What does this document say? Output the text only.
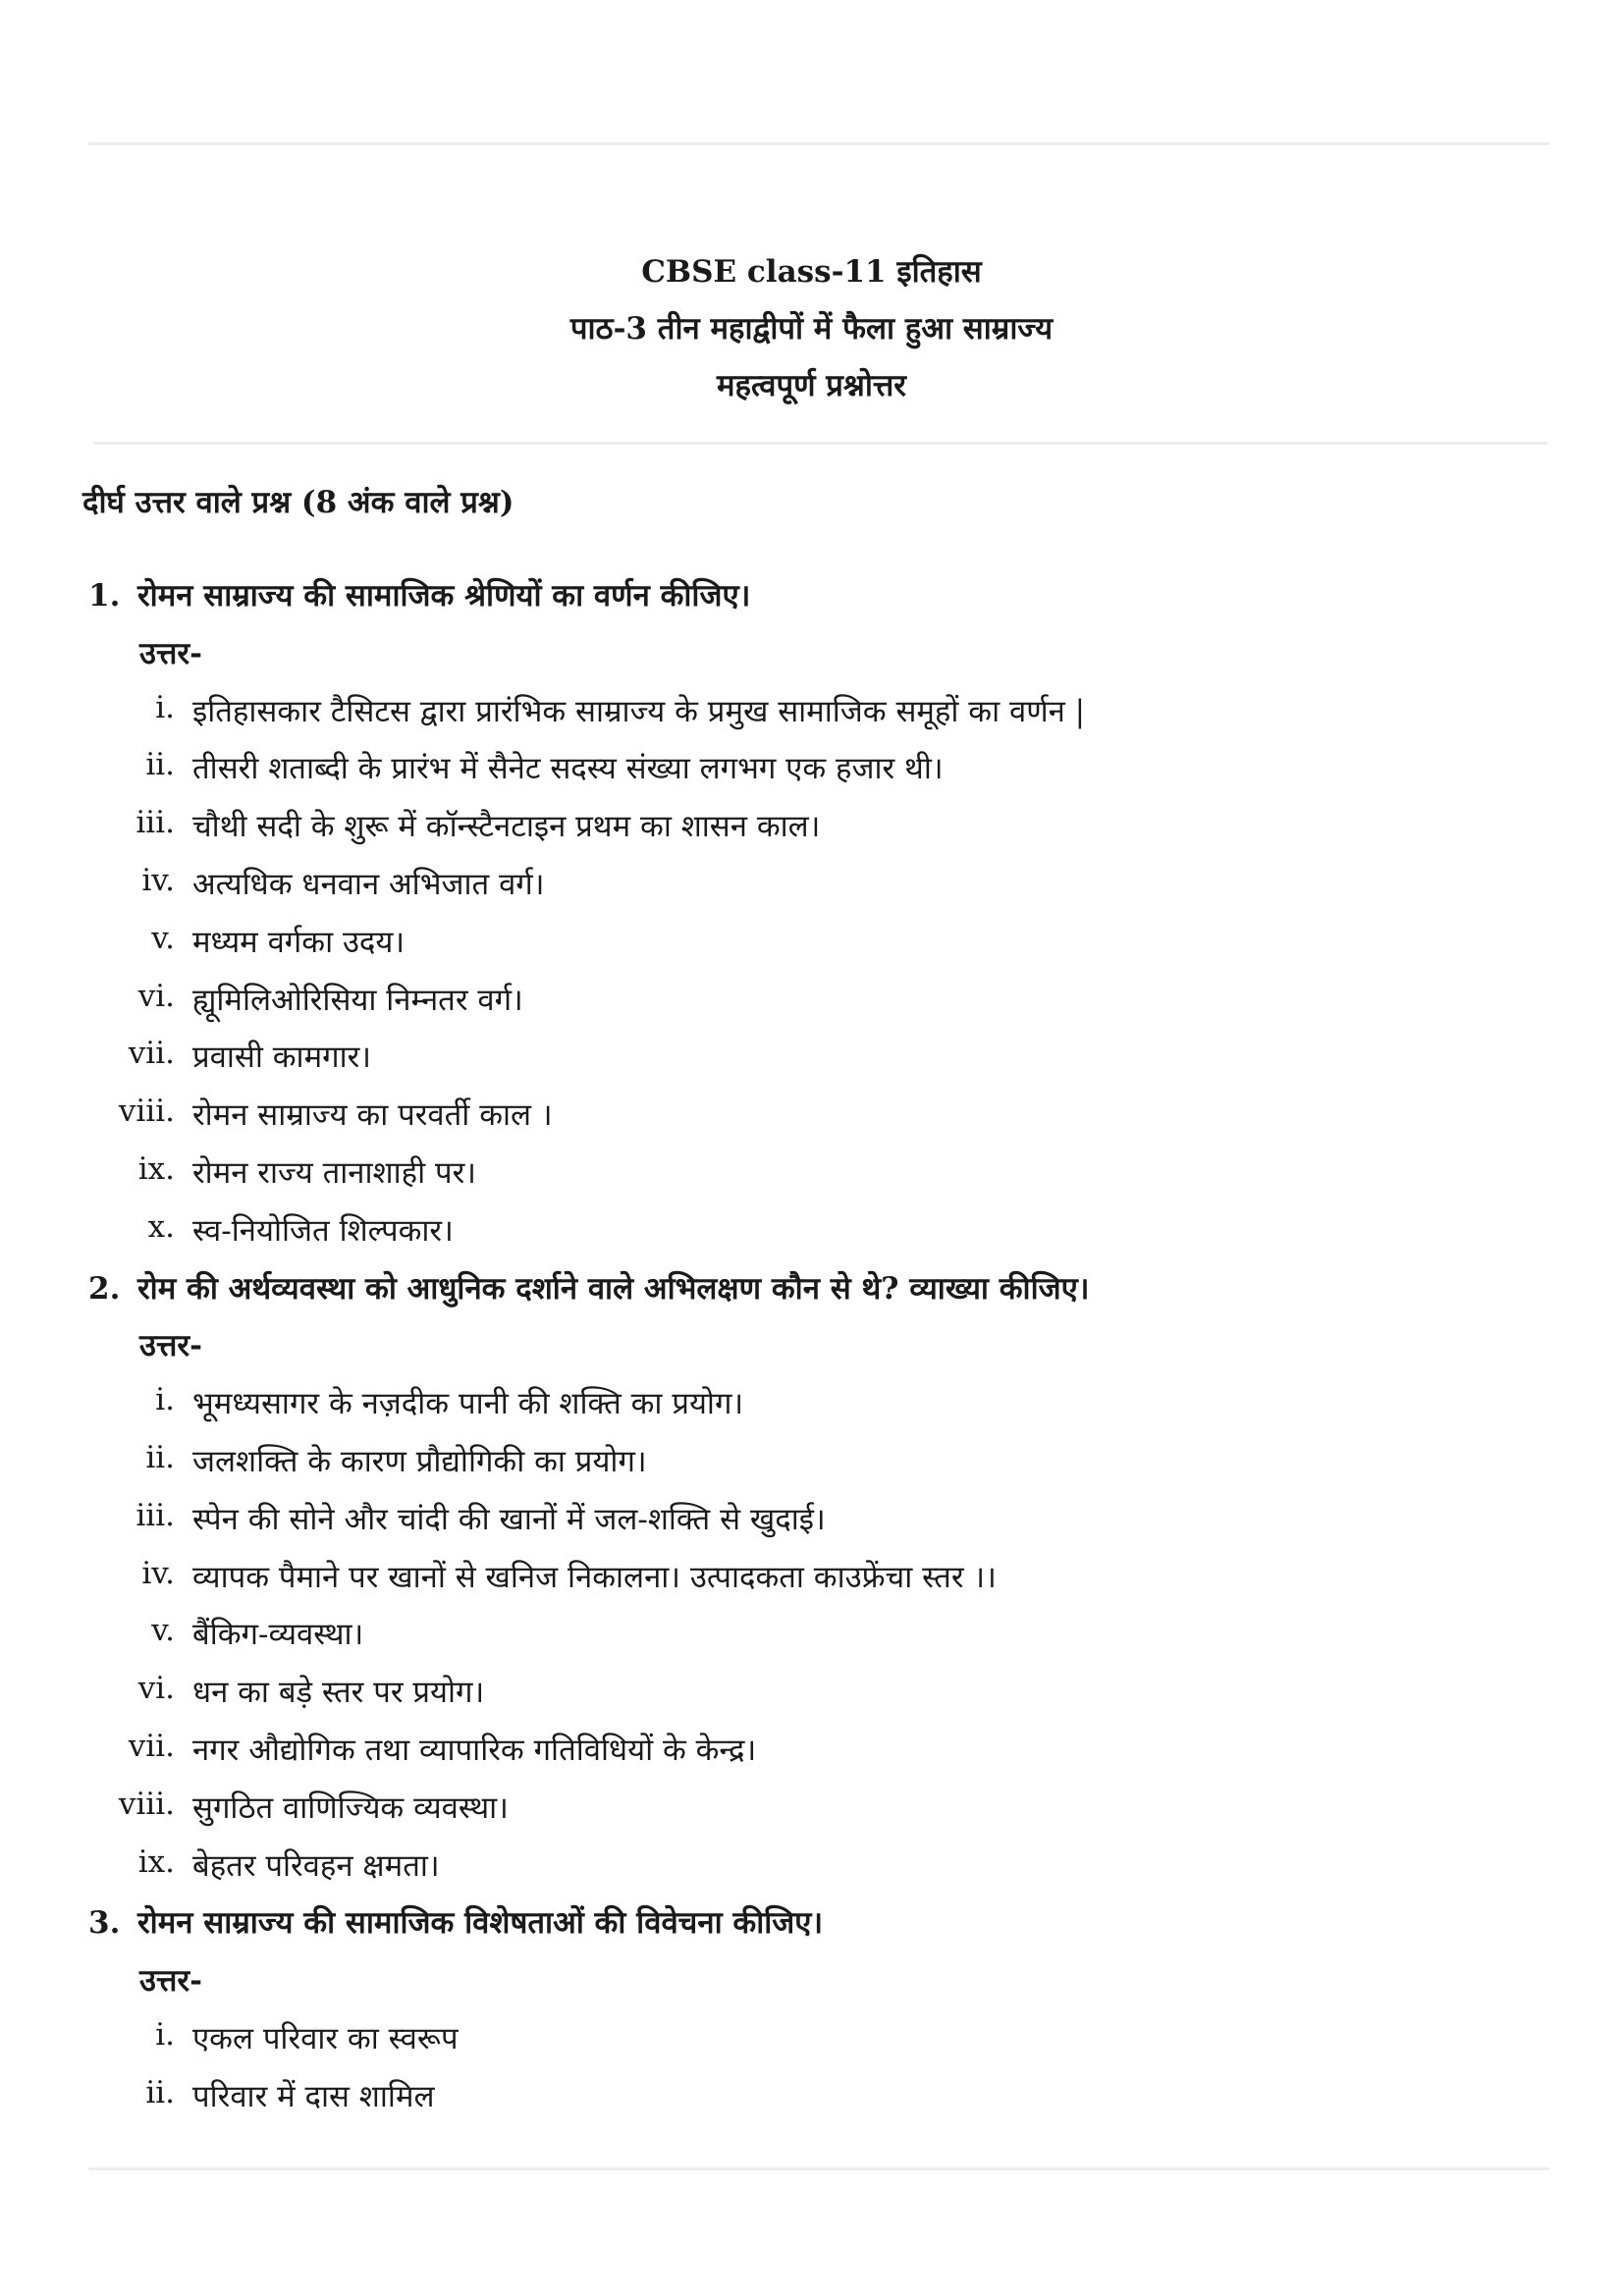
CBSE class-11 इतिहास
पाठ-3 तीन महाद्वीपों में फैला हुआ साम्राज्य
महत्वपूर्ण प्रश्नोत्तर
दीर्घ उत्तर वाले प्रश्न (8 अंक वाले प्रश्न)
1. रोमन साम्राज्य की सामाजिक श्रेणियों का वर्णन कीजिए।
उत्तर-
i. इतिहासकार टैसिटस द्वारा प्रारंभिक साम्राज्य के प्रमुख सामाजिक समूहों का वर्णन |
ii. तीसरी शताब्दी के प्रारंभ में सैनेट सदस्य संख्या लगभग एक हजार थी।
iii. चौथी सदी के शुरू में कॉन्स्टैनटाइन प्रथम का शासन काल।
iv. अत्यधिक धनवान अभिजात वर्ग।
v. मध्यम वर्गका उदय।
vi. ह्यूमिलिओरिसिया निम्नतर वर्ग।
vii. प्रवासी कामगार।
viii. रोमन साम्राज्य का परवर्ती काल ।
ix. रोमन राज्य तानाशाही पर।
x. स्व-नियोजित शिल्पकार।
2. रोम की अर्थव्यवस्था को आधुनिक दर्शाने वाले अभिलक्षण कौन से थे? व्याख्या कीजिए।
उत्तर-
i. भूमध्यसागर के नज़दीक पानी की शक्ति का प्रयोग।
ii. जलशक्ति के कारण प्रौद्योगिकी का प्रयोग।
iii. स्पेन की सोने और चांदी की खानों में जल-शक्ति से खुदाई।
iv. व्यापक पैमाने पर खानों से खनिज निकालना। उत्पादकता काउफ्रेंचा स्तर ।।
v. बैंकिग-व्यवस्था।
vi. धन का बड़े स्तर पर प्रयोग।
vii. नगर औद्योगिक तथा व्यापारिक गतिविधियों के केन्द्र।
viii. सुगठित वाणिज्यिक व्यवस्था।
ix. बेहतर परिवहन क्षमता।
3. रोमन साम्राज्य की सामाजिक विशेषताओं की विवेचना कीजिए।
उत्तर-
i. एकल परिवार का स्वरूप
ii. परिवार में दास शामिल
